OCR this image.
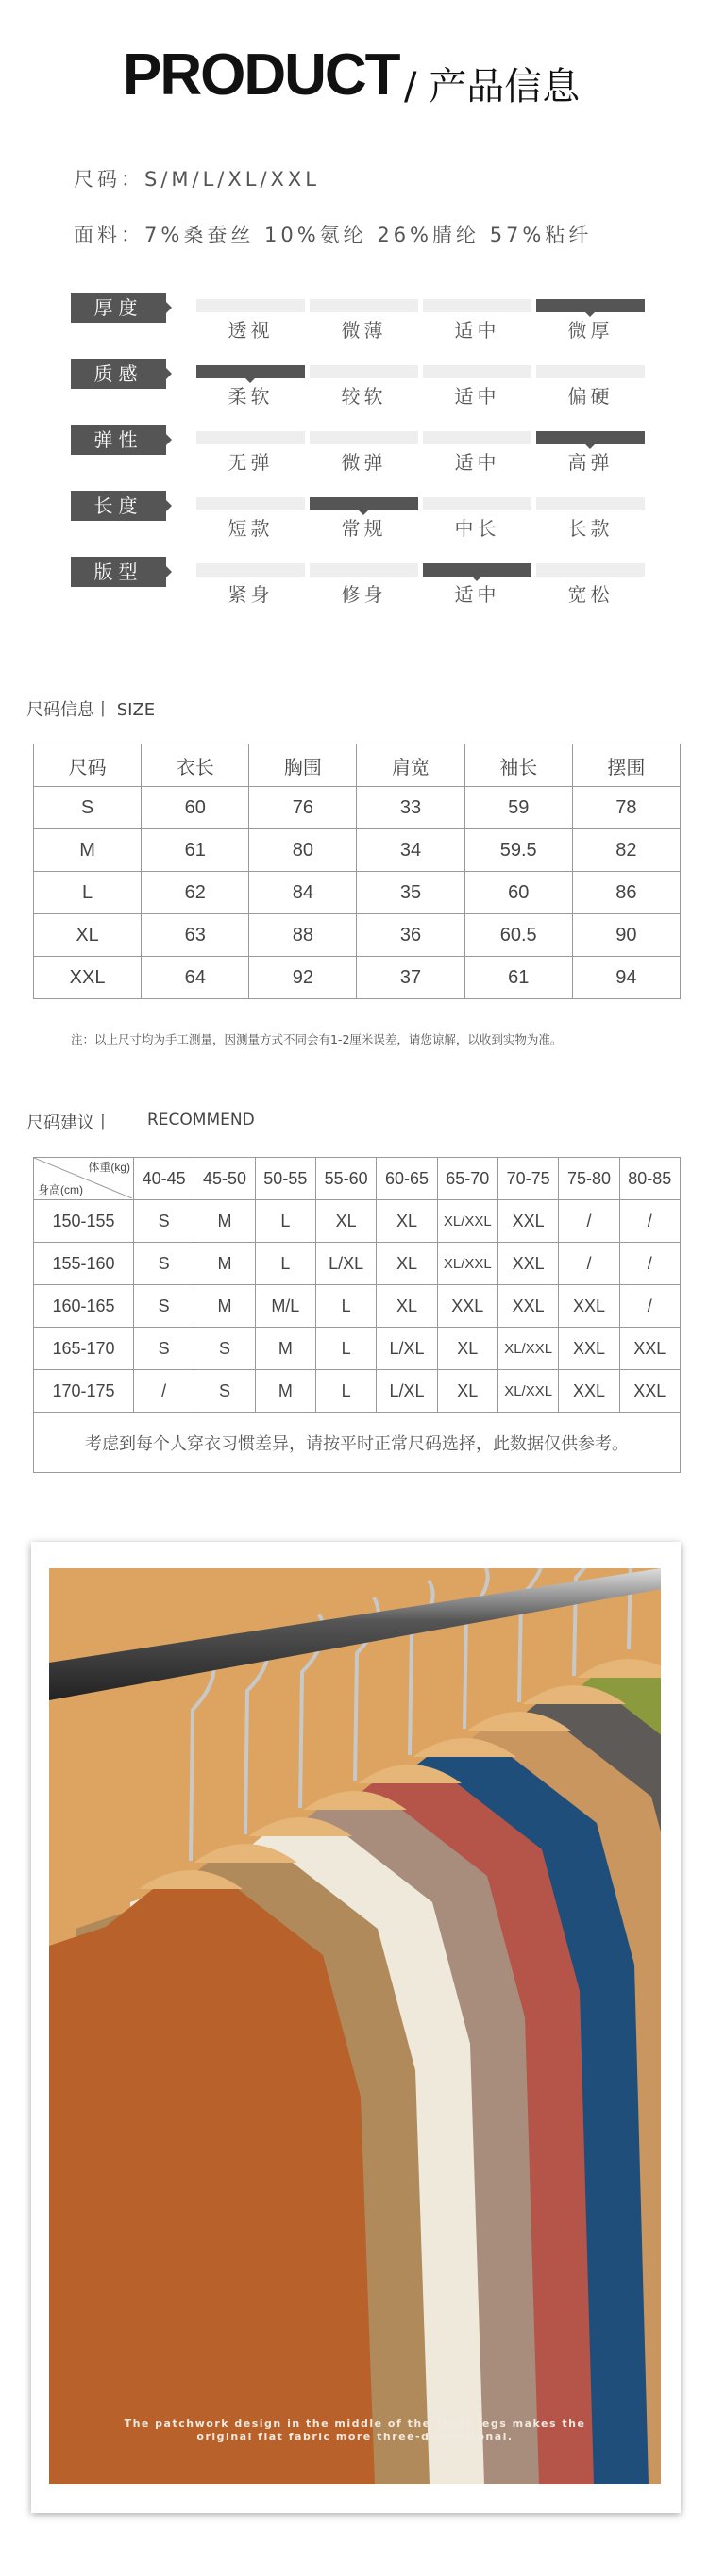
PRODUCT / 产品信息
尺码：S/M/L/XL/XXL
面料：7%桑蚕丝 10%氨纶 26%腈纶 57%粘纤
厚度
透视	微薄	适中	微厚
质感
柔软	较软	适中	偏硬
弹性
无弹	微弹	适中	高弹
长度
短款	常规	中长	长款
版型
紧身	修身	适中	宽松
尺码信息丨 SIZE
尺码	衣长	胸围	肩宽	袖长	摆围
S	60	76	33	59	78
M	61	80	34	59.5	82
L	62	84	35	60	86
XL	63	88	36	60.5	90
XXL	64	92	37	61	94
注：以上尺寸均为手工测量，因测量方式不同会有1-2厘米误差，请您谅解，以收到实物为准。
尺码建议丨 RECOMMEND
体重(kg)
身高(cm)	40-45	45-50	50-55	55-60	60-65	65-70	70-75	75-80	80-85
150-155	S	M	L	XL	XL	XL/XXL	XXL	/	/
155-160	S	M	L	L/XL	XL	XL/XXL	XXL	/	/
160-165	S	M	M/L	L	XL	XXL	XXL	XXL	/
165-170	S	S	M	L	L/XL	XL	XL/XXL	XXL	XXL
170-175	/	S	M	L	L/XL	XL	XL/XXL	XXL	XXL
考虑到每个人穿衣习惯差异，请按平时正常尺码选择，此数据仅供参考。									
The patchwork design in the middle of the front legs makes the
original flat fabric more three-dimensional.
